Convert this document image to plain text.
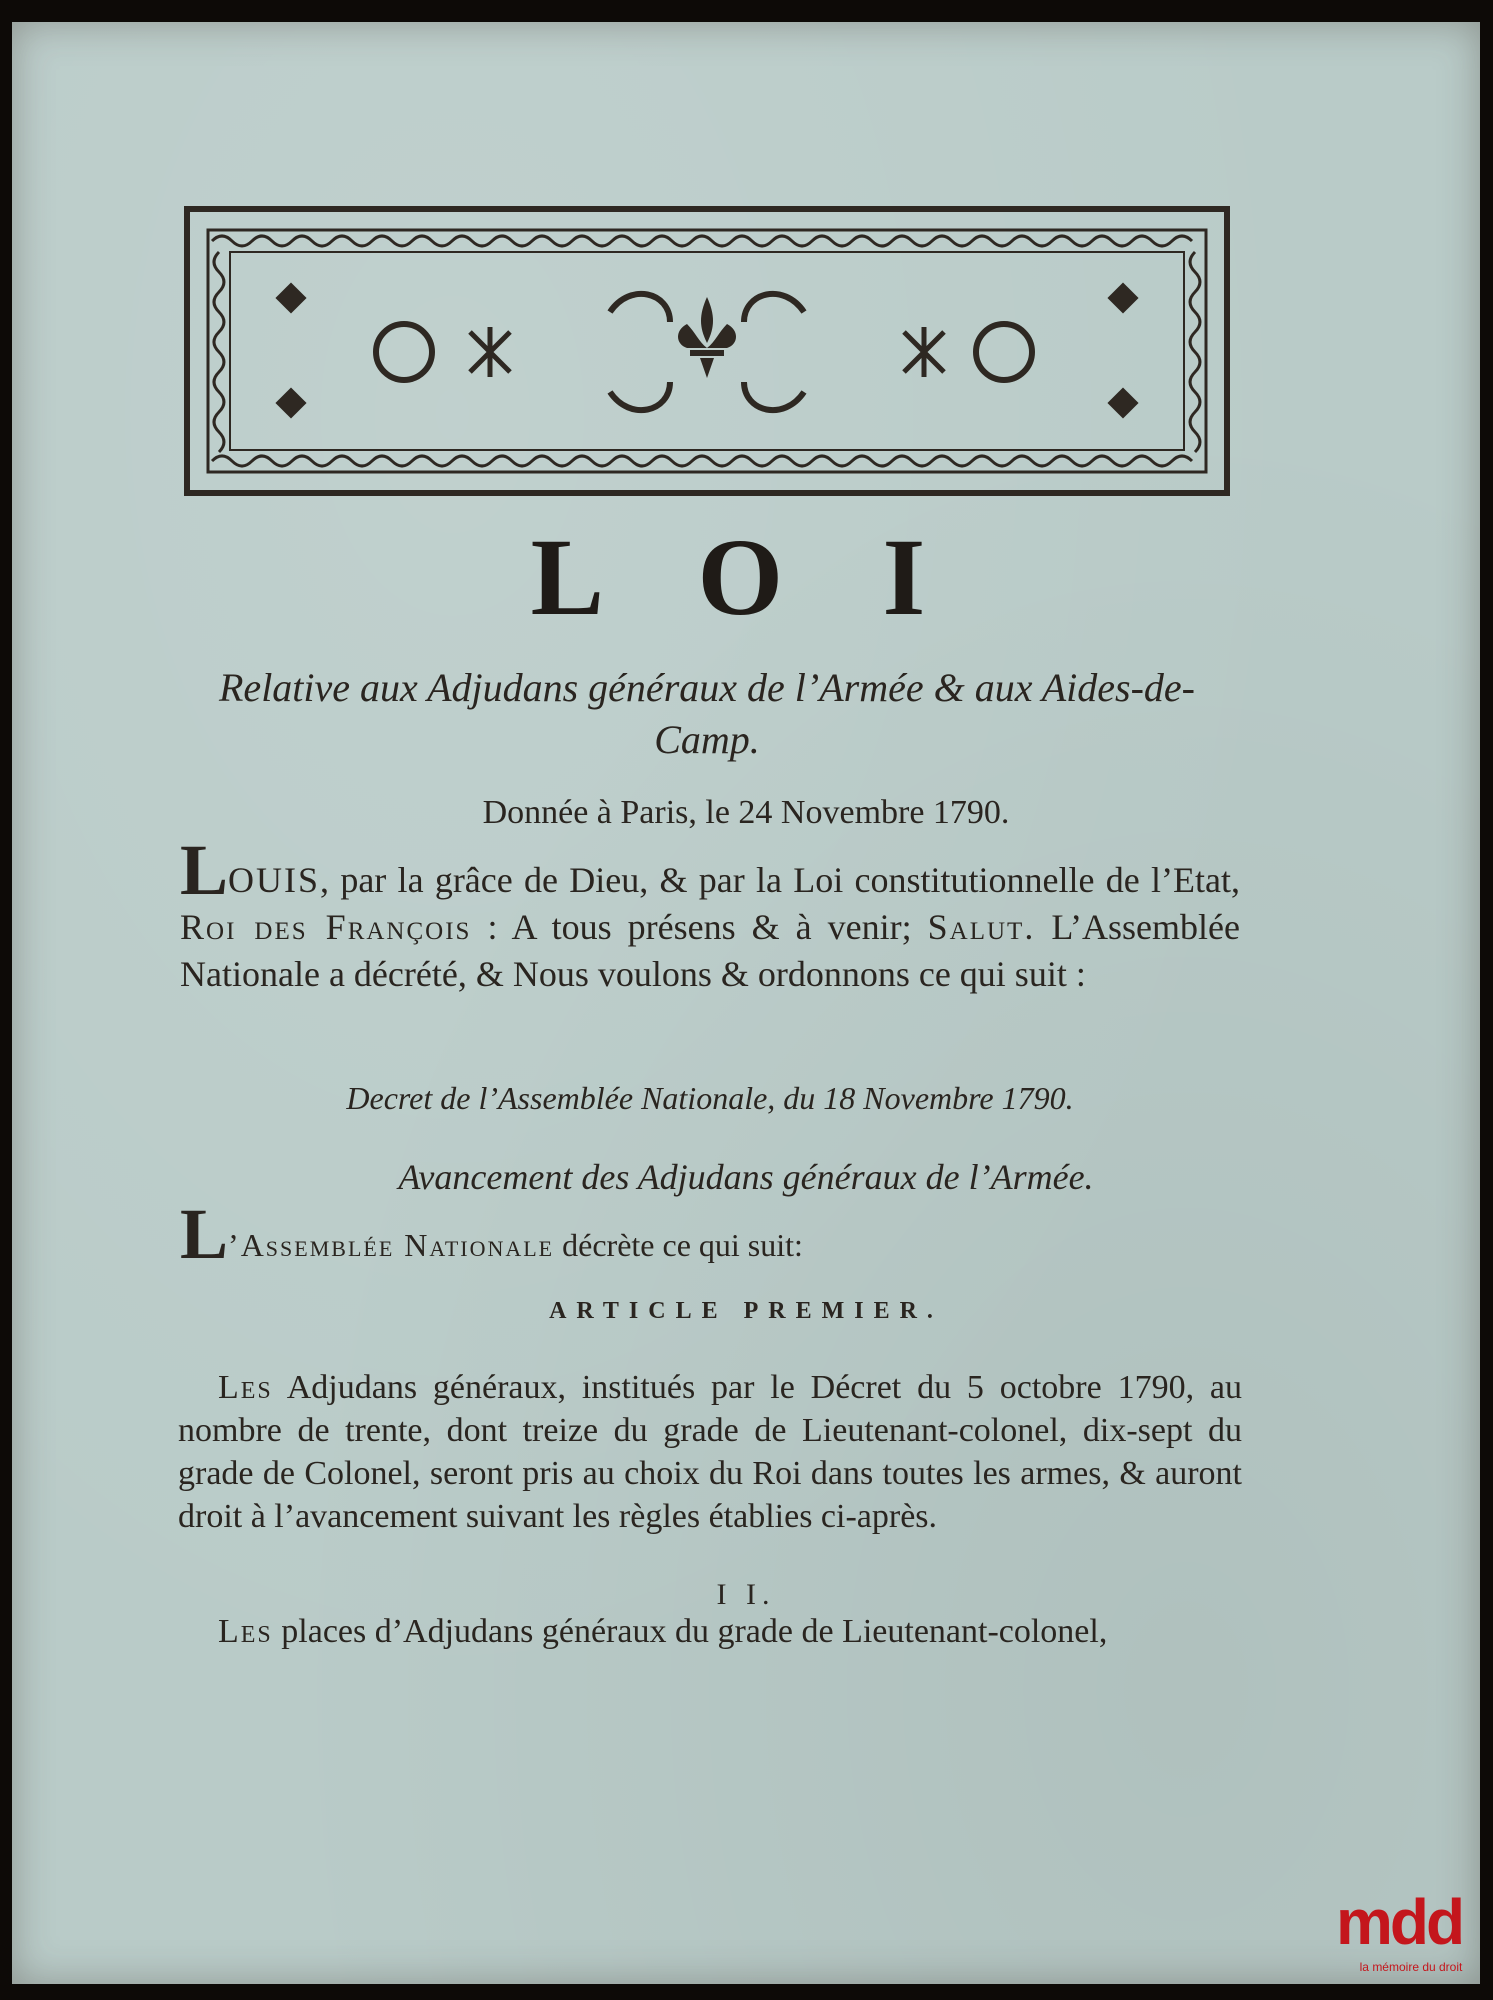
L O I
Relative aux Adjudans généraux de l’Armée & aux Aides-de-Camp.
Donnée à Paris, le 24 Novembre 1790.
LOUIS, par la grâce de Dieu, & par la Loi constitutionnelle de l’Etat, Roi des François : A tous présens & à venir; Salut. L’Assemblée Nationale a décrété, & Nous voulons & ordonnons ce qui suit :
Decret de l’Assemblée Nationale, du 18 Novembre 1790.
Avancement des Adjudans généraux de l’Armée.
L’Assemblée Nationale décrète ce qui suit:
ARTICLE PREMIER.
Les Adjudans généraux, institués par le Décret du 5 octobre 1790, au nombre de trente, dont treize du grade de Lieutenant-colonel, dix-sept du grade de Colonel, seront pris au choix du Roi dans toutes les armes, & auront droit à l’avancement suivant les règles établies ci-après.
I I.
Les places d’Adjudans généraux du grade de Lieutenant-colonel,
mdd
la mémoire du droit
